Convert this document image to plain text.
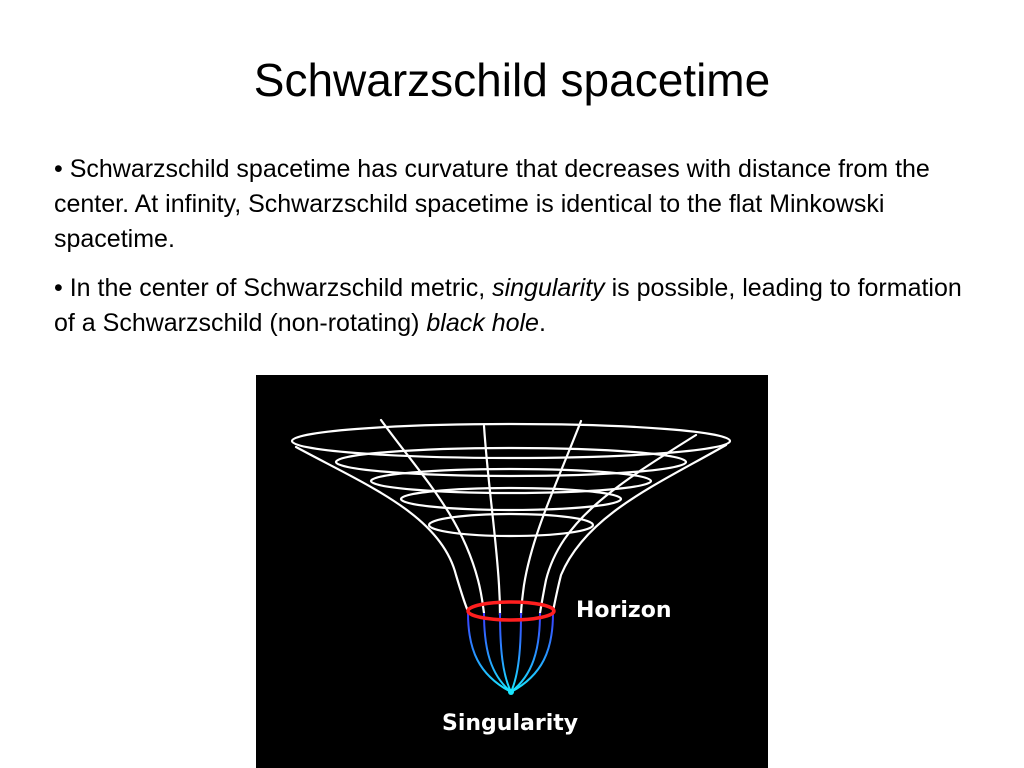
Schwarzschild spacetime

• Schwarzschild spacetime has curvature that decreases with distance from the center. At infinity, Schwarzschild spacetime is identical to the flat Minkowski spacetime.

• In the center of Schwarzschild metric, singularity is possible, leading to formation of a Schwarzschild (non-rotating) black hole.

Horizon
Singularity
